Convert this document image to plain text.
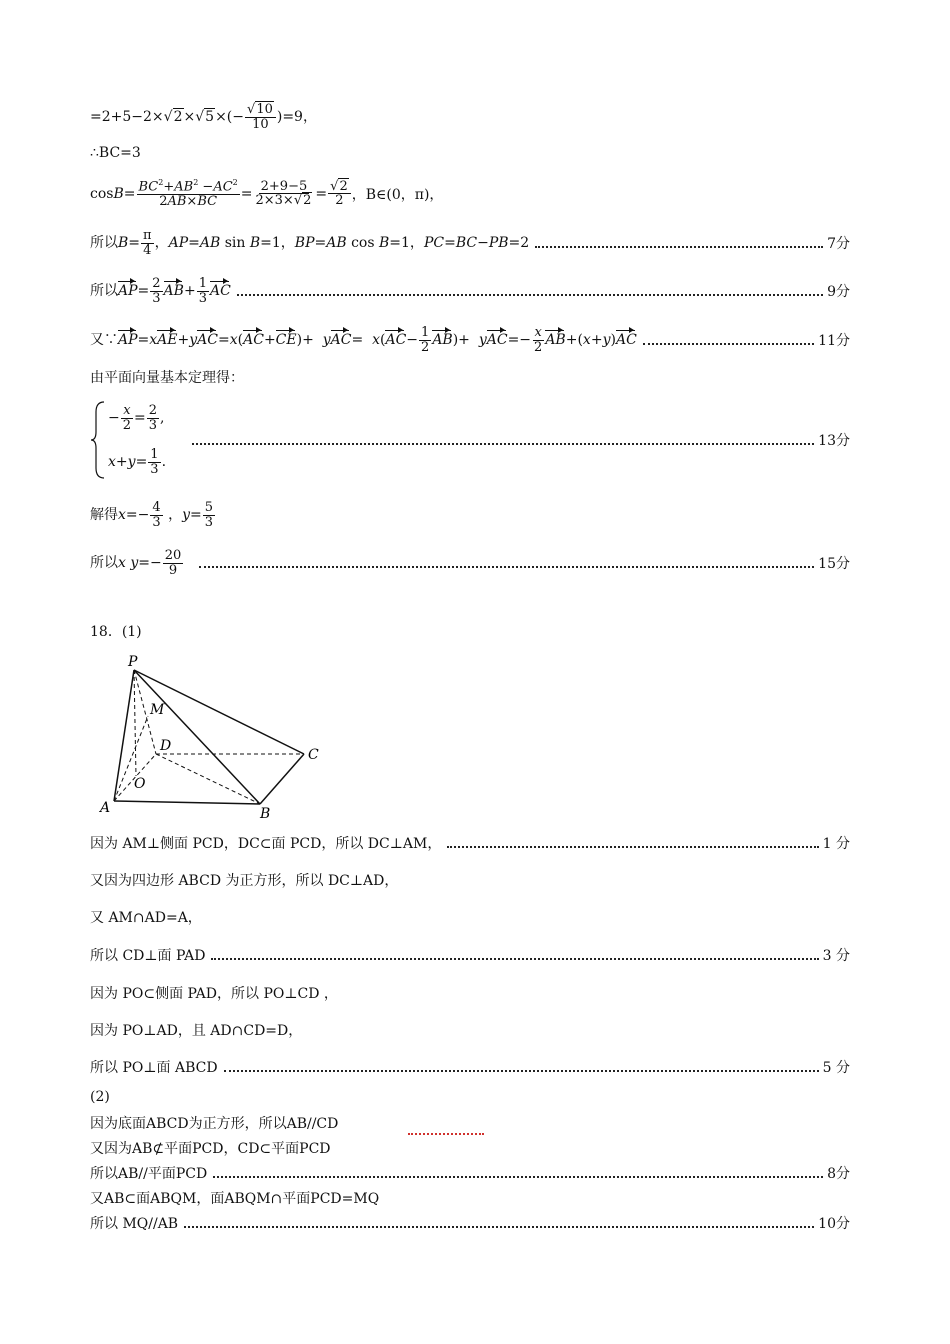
$=2+5-2\times√2\times√5\times(- \frac{√10}{10} )=9$，
∴BC=3
$\cos B= \frac{BC^2+AB^2 -AC^2}{2AB\times BC} = \frac{2+9-5}{2\times 3\times√2} = \frac{√2}{2}$ ，B∈(0，π)，
所以$B= \frac{\pi}{4}$ ，AP=AB sin B=1，BP=AB cos B=1，PC=BC−PB=2	7分
所以$AP= \frac{2}{3} AB+ \frac{1}{3}$ AC	9分
又∵AP=xAE+yAC=x(AC+CE)+  $yAC= x(AC- \frac{1}{2} AB)+ yAC=- \frac{x}{2} AB+(x+y)AC$	11分
由平面向量基本定理得：
− $\frac{x}{2} = \frac{2}{3}$ ,
$x + y = \frac{1}{3}$ .
13分
解得$x=- \frac{4}{3}$ ，$y= \frac{5}{3}$
所以x $y=- \frac{20}{9}$
	15分
18．(1)
P
M
D
C
O
A	B
因为 AM⊥侧面 PCD，DC⊂面 PCD，所以 DC⊥AM，	1 分
又因为四边形 ABCD 为正方形，所以 DC⊥AD，
又 AM∩AD=A，
所以 CD⊥面 PAD	3 分
因为 PO⊂侧面 PAD，所以 PO⊥CD ，
因为 PO⊥AD，且 AD∩CD=D，
所以 PO⊥面 ABCD	5 分
(2)
因为底面ABCD为正方形，所以AB//CD
又因为AB⊄平面PCD，CD⊂平面PCD
所以AB//平面PCD	8分
又AB⊂面ABQM，面ABQM∩平面PCD=MQ
所以 MQ//AB	10分
